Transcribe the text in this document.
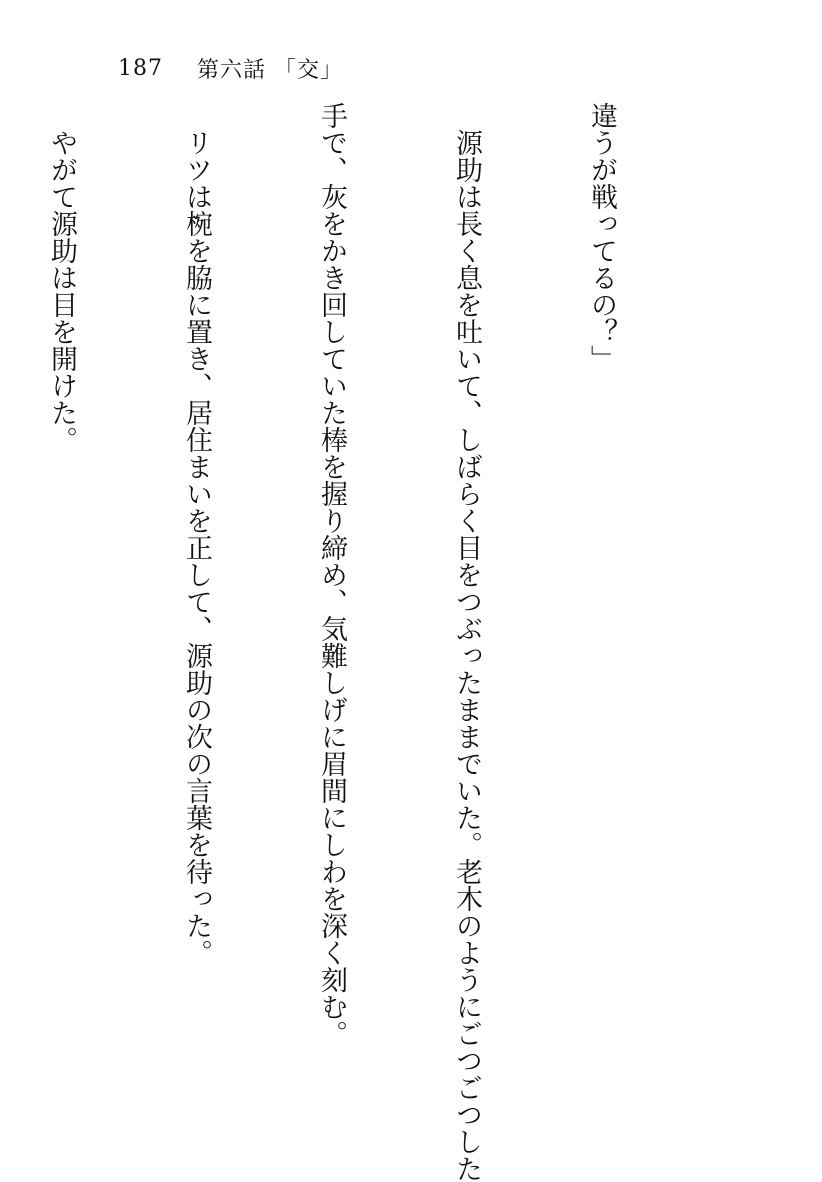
187 第六話 「交」

違うが戦ってるの？」

　源助は長く息を吐いて、しばらく目をつぶったままでいた。老木のようにごつごつした

手で、灰をかき回していた棒を握り締め、気難しげに眉間にしわを深く刻む。

　リツは椀を脇に置き、居住まいを正して、源助の次の言葉を待った。

　やがて源助は目を開けた。
